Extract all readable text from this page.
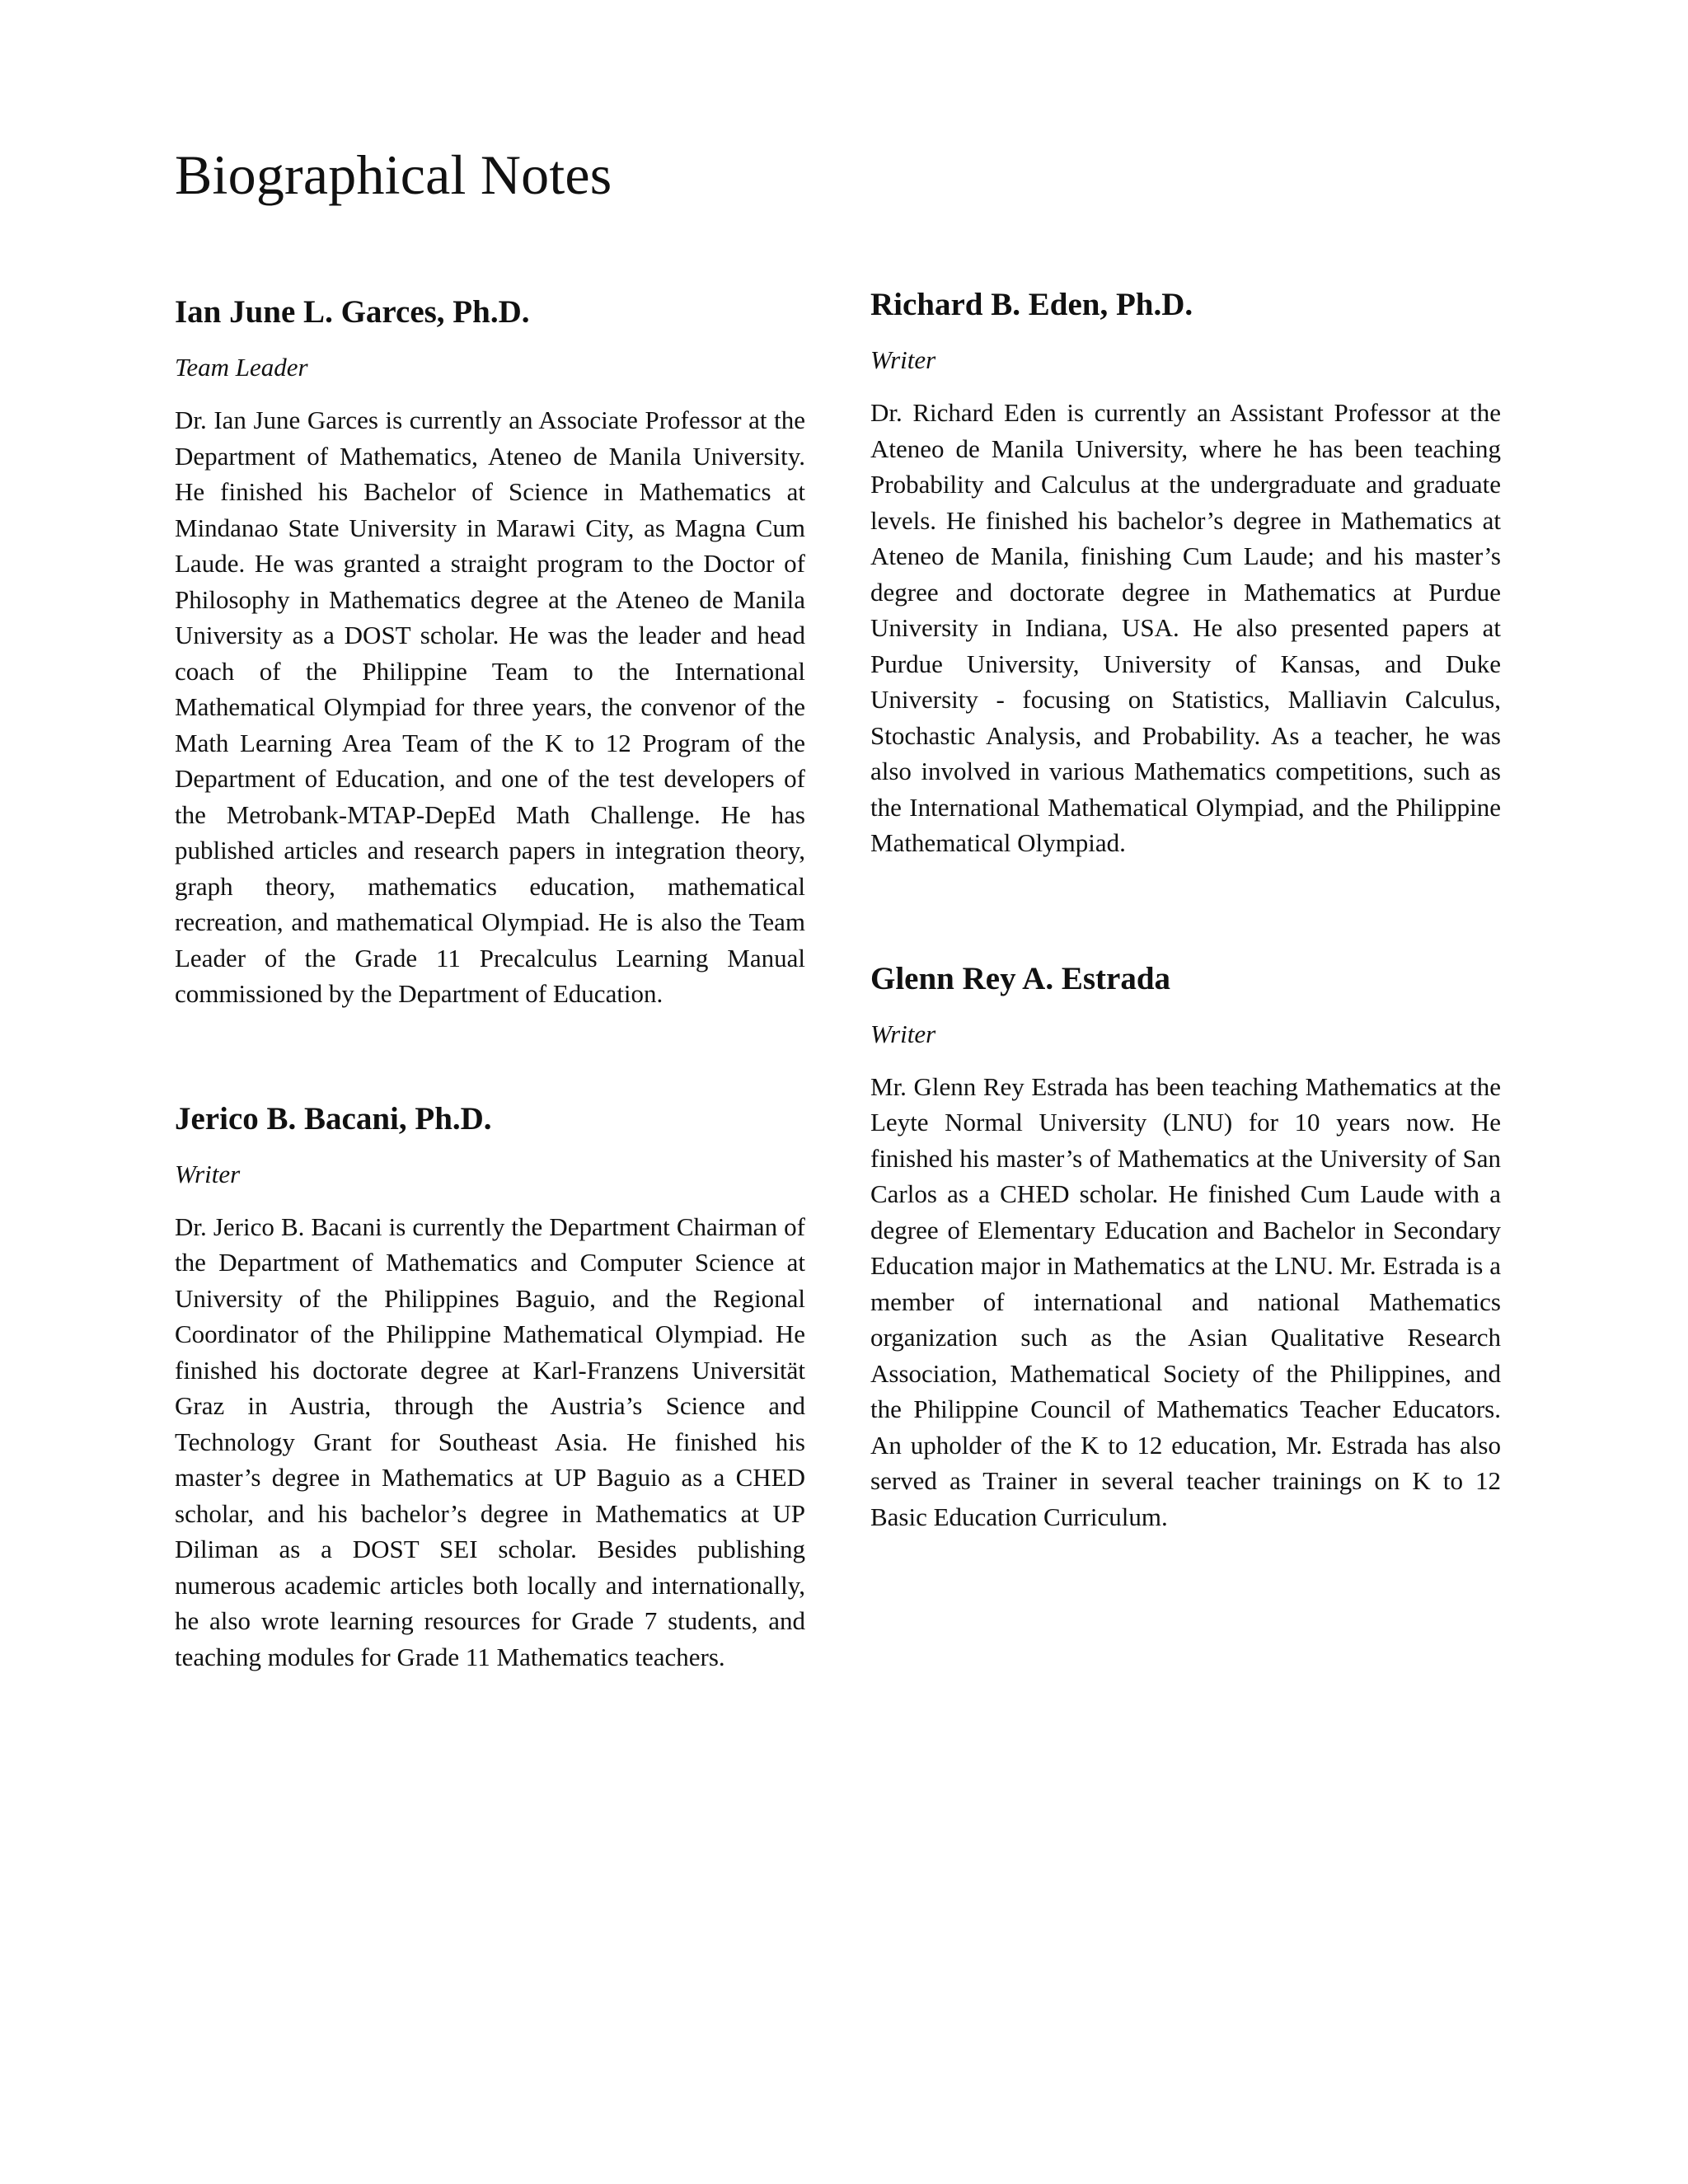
Biographical Notes
Ian June L. Garces, Ph.D.

Team Leader

Dr. Ian June Garces is currently an Associate Professor at the Department of Mathematics, Ateneo de Manila University. He finished his Bachelor of Science in Mathematics at Mindanao State University in Marawi City, as Magna Cum Laude. He was granted a straight program to the Doctor of Philosophy in Mathematics degree at the Ateneo de Manila University as a DOST scholar. He was the leader and head coach of the Philippine Team to the International Mathematical Olympiad for three years, the convenor of the Math Learning Area Team of the K to 12 Program of the Department of Education, and one of the test developers of the Metrobank-MTAP-DepEd Math Challenge. He has published articles and research papers in integration theory, graph theory, mathematics education, mathematical recreation, and mathematical Olympiad. He is also the Team Leader of the Grade 11 Precalculus Learning Manual commissioned by the Department of Education.

Jerico B. Bacani, Ph.D.

Writer

Dr. Jerico B. Bacani is currently the Department Chairman of the Department of Mathematics and Computer Science at University of the Philippines Baguio, and the Regional Coordinator of the Philippine Mathematical Olympiad. He finished his doctorate degree at Karl-Franzens Universität Graz in Austria, through the Austria’s Science and Technology Grant for Southeast Asia. He finished his master’s degree in Mathematics at UP Baguio as a CHED scholar, and his bachelor’s degree in Mathematics at UP Diliman as a DOST SEI scholar. Besides publishing numerous academic articles both locally and internationally, he also wrote learning resources for Grade 7 students, and teaching modules for Grade 11 Mathematics teachers.

Richard B. Eden, Ph.D.

Writer

Dr. Richard Eden is currently an Assistant Professor at the Ateneo de Manila University, where he has been teaching Probability and Calculus at the undergraduate and graduate levels. He finished his bachelor’s degree in Mathematics at Ateneo de Manila, finishing Cum Laude; and his master’s degree and doctorate degree in Mathematics at Purdue University in Indiana, USA. He also presented papers at Purdue University, University of Kansas, and Duke University - focusing on Statistics, Malliavin Calculus, Stochastic Analysis, and Probability. As a teacher, he was also involved in various Mathematics competitions, such as the International Mathematical Olympiad, and the Philippine Mathematical Olympiad.

Glenn Rey A. Estrada

Writer

Mr. Glenn Rey Estrada has been teaching Mathematics at the Leyte Normal University (LNU) for 10 years now. He finished his master’s of Mathematics at the University of San Carlos as a CHED scholar. He finished Cum Laude with a degree of Elementary Education and Bachelor in Secondary Education major in Mathematics at the LNU. Mr. Estrada is a member of international and national Mathematics organization such as the Asian Qualitative Research Association, Mathematical Society of the Philippines, and the Philippine Council of Mathematics Teacher Educators. An upholder of the K to 12 education, Mr. Estrada has also served as Trainer in several teacher trainings on K to 12 Basic Education Curriculum.
